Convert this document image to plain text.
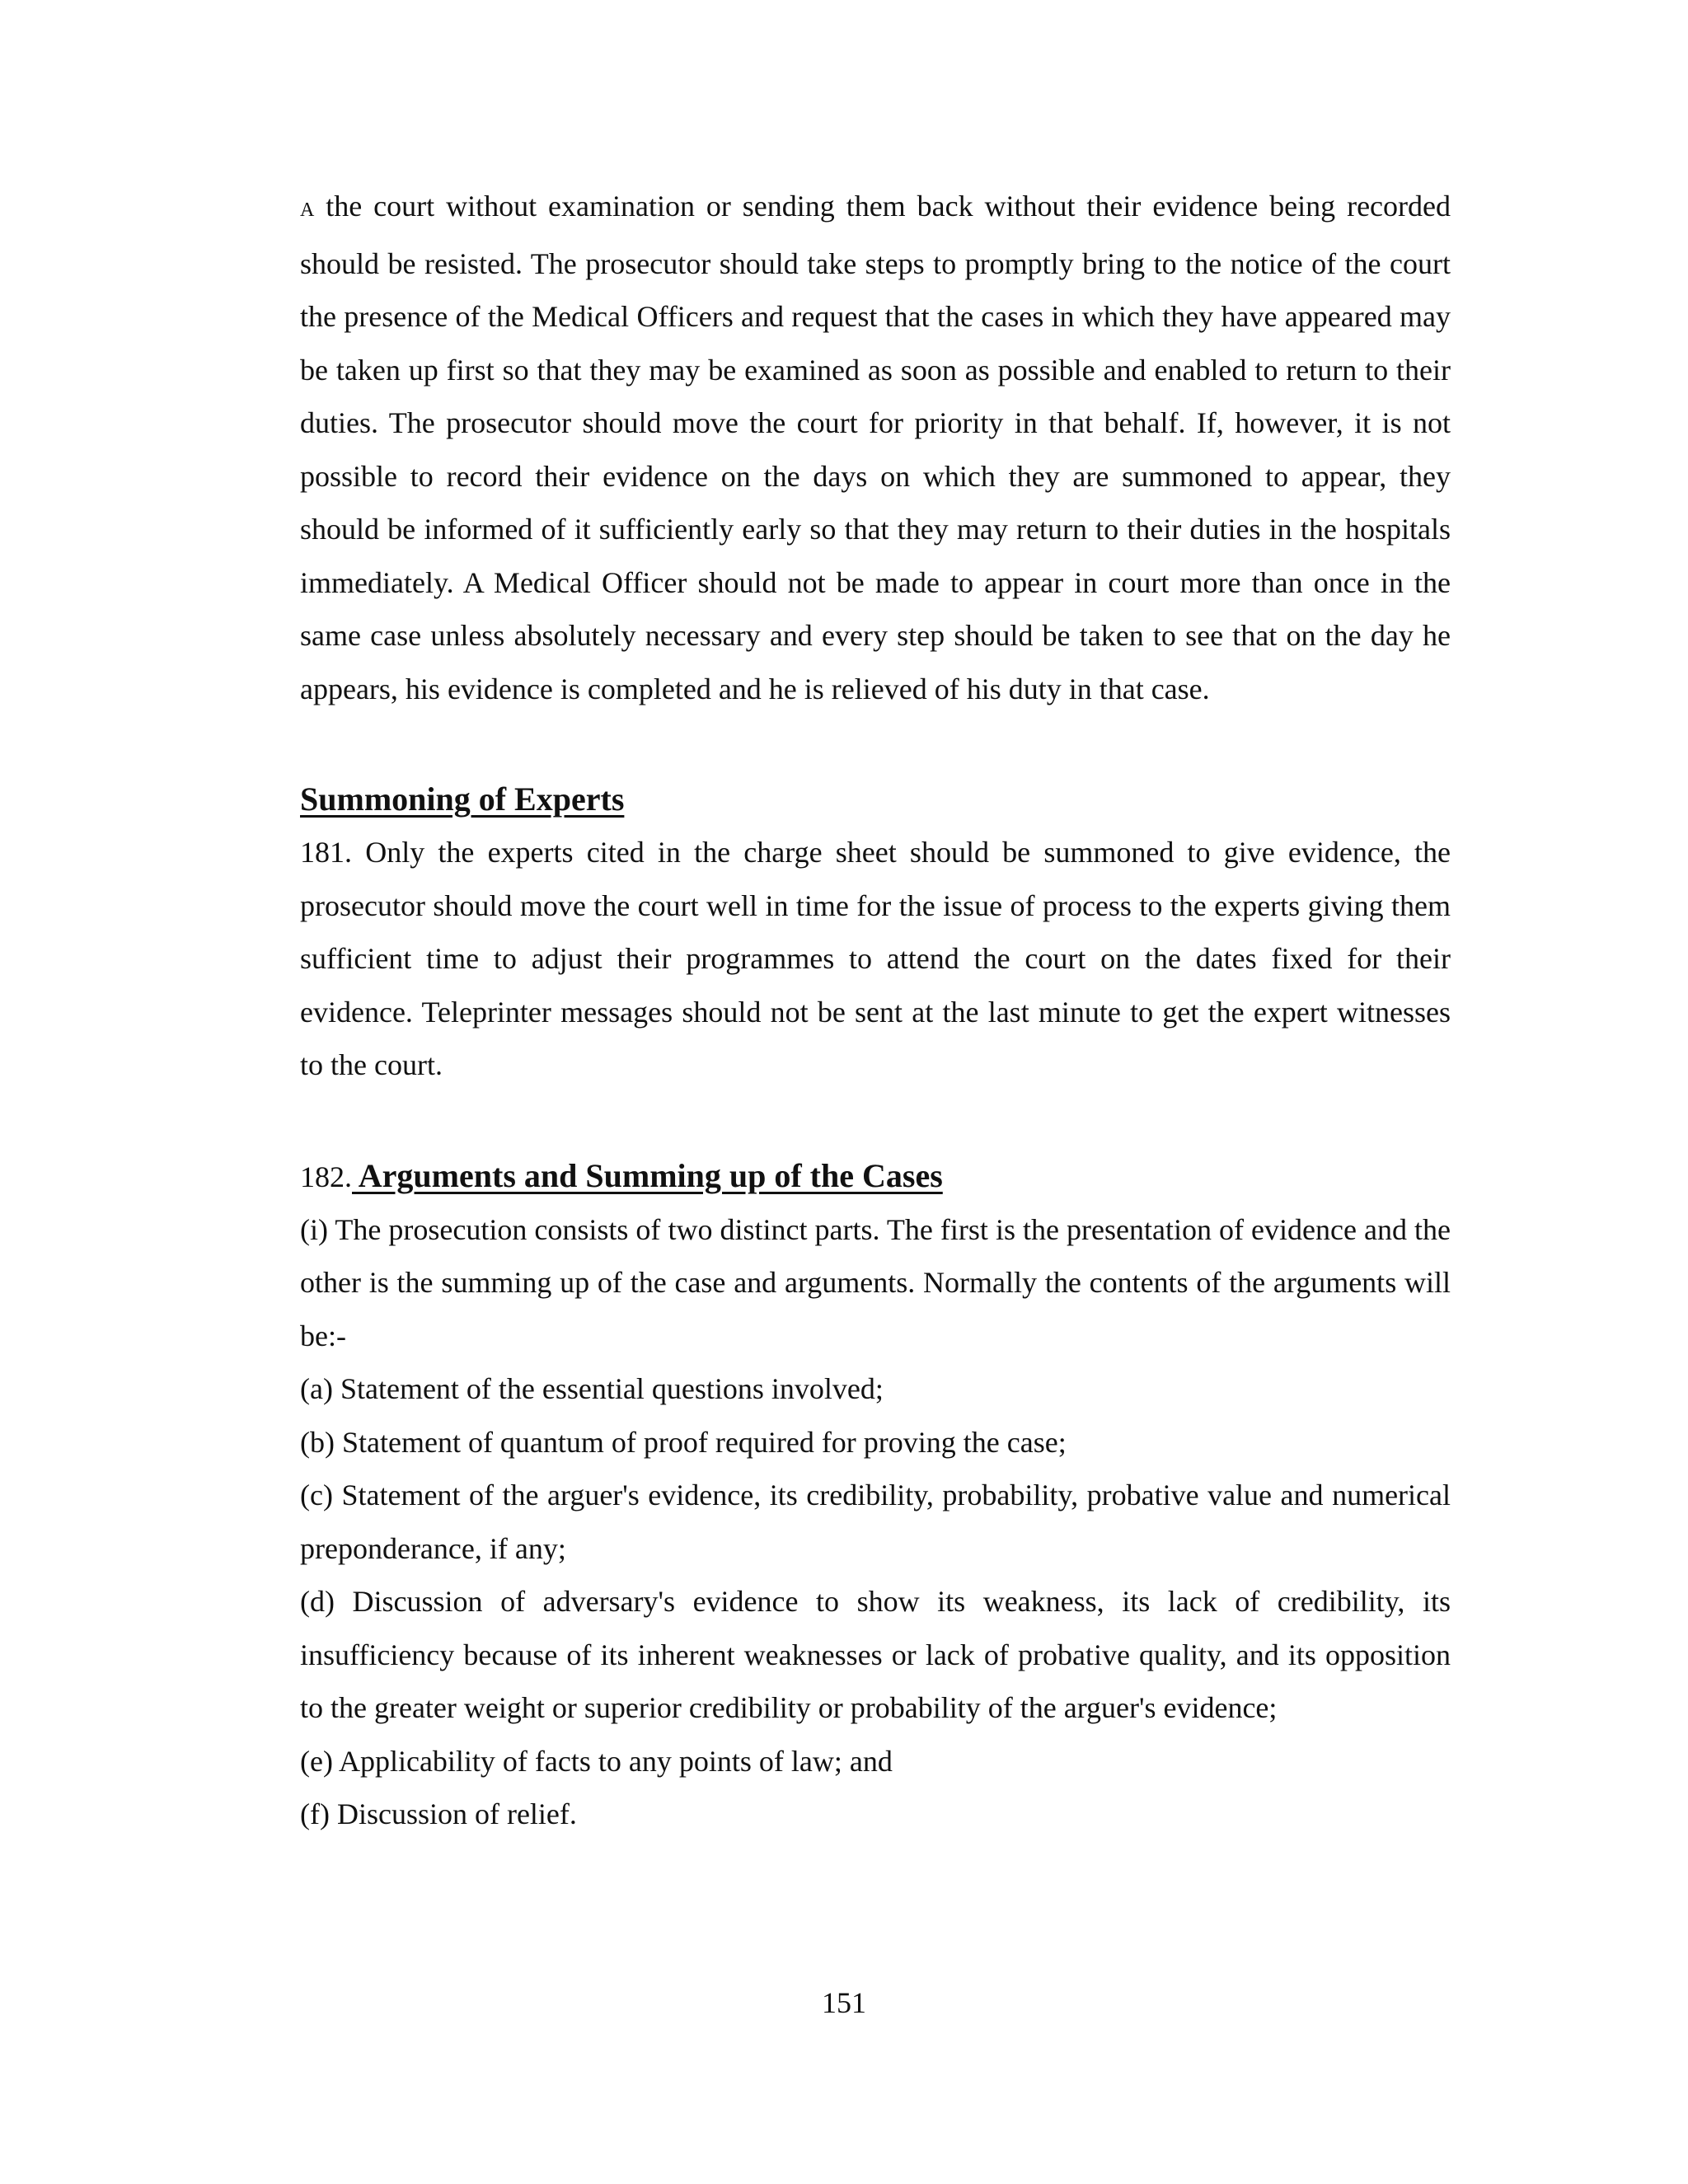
A the court without examination or sending them back without their evidence being recorded should be resisted. The prosecutor should take steps to promptly bring to the notice of the court the presence of the Medical Officers and request that the cases in which they have appeared may be taken up first so that they may be examined as soon as possible and enabled to return to their duties. The prosecutor should move the court for priority in that behalf. If, however, it is not possible to record their evidence on the days on which they are summoned to appear, they should be informed of it sufficiently early so that they may return to their duties in the hospitals immediately. A Medical Officer should not be made to appear in court more than once in the same case unless absolutely necessary and every step should be taken to see that on the day he appears, his evidence is completed and he is relieved of his duty in that case.

Summoning of Experts

181. Only the experts cited in the charge sheet should be summoned to give evidence, the prosecutor should move the court well in time for the issue of process to the experts giving them sufficient time to adjust their programmes to attend the court on the dates fixed for their evidence. Teleprinter messages should not be sent at the last minute to get the expert witnesses to the court.

182. Arguments and Summing up of the Cases

(i) The prosecution consists of two distinct parts. The first is the presentation of evidence and the other is the summing up of the case and arguments. Normally the contents of the arguments will be:-

(a) Statement of the essential questions involved;
(b) Statement of quantum of proof required for proving the case;
(c) Statement of the arguer's evidence, its credibility, probability, probative value and numerical preponderance, if any;
(d) Discussion of adversary's evidence to show its weakness, its lack of credibility, its insufficiency because of its inherent weaknesses or lack of probative quality, and its opposition to the greater weight or superior credibility or probability of the arguer's evidence;
(e) Applicability of facts to any points of law; and
(f) Discussion of relief.
151
